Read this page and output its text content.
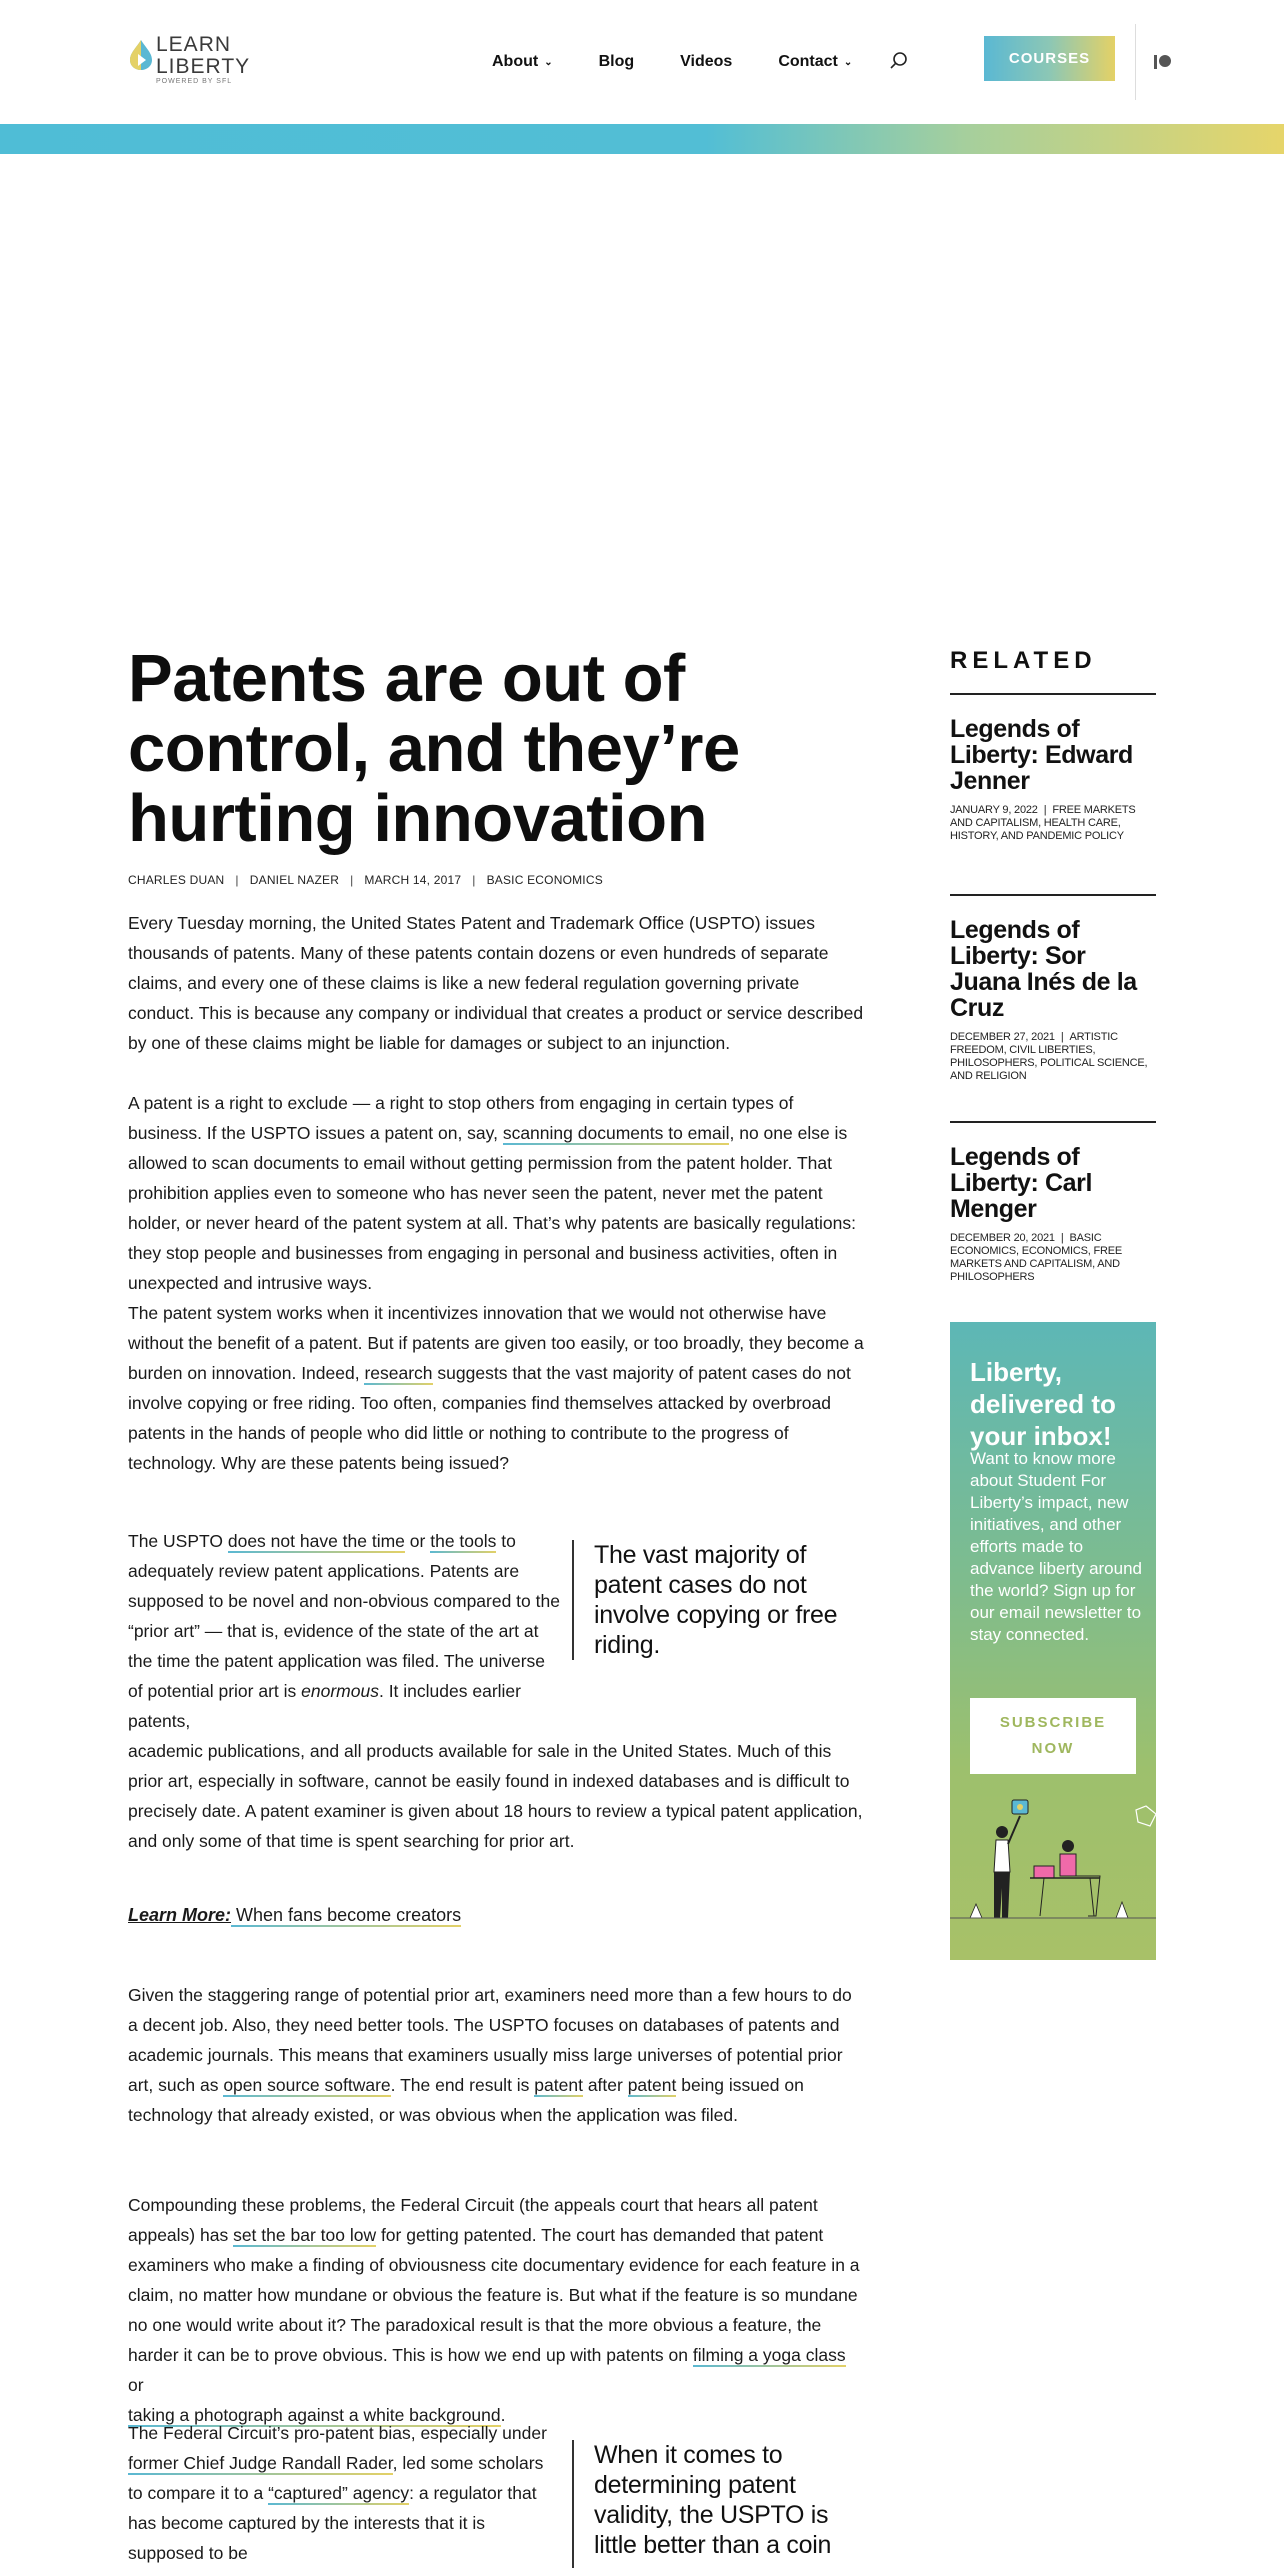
LEARN
LIBERTY
POWERED BY SFL
About ⌄	Blog	Videos	Contact ⌄	COURSES
Patents are out of control, and they’re hurting innovation
CHARLES DUAN | DANIEL NAZER | MARCH 14, 2017 | BASIC ECONOMICS

Every Tuesday morning, the United States Patent and Trademark Office (USPTO) issues thousands of patents. Many of these patents contain dozens or even hundreds of separate claims, and every one of these claims is like a new federal regulation governing private conduct. This is because any company or individual that creates a product or service described by one of these claims might be liable for damages or subject to an injunction.

A patent is a right to exclude — a right to stop others from engaging in certain types of business. If the USPTO issues a patent on, say, scanning documents to email, no one else is allowed to scan documents to email without getting permission from the patent holder. That prohibition applies even to someone who has never seen the patent, never met the patent holder, or never heard of the patent system at all. That’s why patents are basically regulations: they stop people and businesses from engaging in personal and business activities, often in unexpected and intrusive ways.

The patent system works when it incentivizes innovation that we would not otherwise have without the benefit of a patent. But if patents are given too easily, or too broadly, they become a burden on innovation. Indeed, research suggests that the vast majority of patent cases do not involve copying or free riding. Too often, companies find themselves attacked by overbroad patents in the hands of people who did little or nothing to contribute to the progress of technology. Why are these patents being issued?

The USPTO does not have the time or the tools to adequately review patent applications. Patents are supposed to be novel and non-obvious compared to the “prior art” — that is, evidence of the state of the art at the time the patent application was filed. The universe of potential prior art is enormous. It includes earlier patents,
academic publications, and all products available for sale in the United States. Much of this prior art, especially in software, cannot be easily found in indexed databases and is difficult to precisely date. A patent examiner is given about 18 hours to review a typical patent application, and only some of that time is spent searching for prior art.
The vast majority of patent cases do not involve copying or free riding.
Learn More: When fans become creators

Given the staggering range of potential prior art, examiners need more than a few hours to do a decent job. Also, they need better tools. The USPTO focuses on databases of patents and academic journals. This means that examiners usually miss large universes of potential prior art, such as open source software. The end result is patent after patent being issued on technology that already existed, or was obvious when the application was filed.

Compounding these problems, the Federal Circuit (the appeals court that hears all patent appeals) has set the bar too low for getting patented. The court has demanded that patent examiners who make a finding of obviousness cite documentary evidence for each feature in a claim, no matter how mundane or obvious the feature is. But what if the feature is so mundane no one would write about it? The paradoxical result is that the more obvious a feature, the harder it can be to prove obvious. This is how we end up with patents on filming a yoga class or
taking a photograph against a white background.

The Federal Circuit’s pro-patent bias, especially under former Chief Judge Randall Rader, led some scholars to compare it to a “captured” agency: a regulator that has become captured by the interests that it is supposed to be

When it comes to determining patent validity, the USPTO is little better than a coin
RELATED
Legends of Liberty: Edward Jenner
JANUARY 9, 2022 | FREE MARKETS AND CAPITALISM, HEALTH CARE, HISTORY, AND PANDEMIC POLICY
Legends of Liberty: Sor Juana Inés de la Cruz
DECEMBER 27, 2021 | ARTISTIC FREEDOM, CIVIL LIBERTIES, PHILOSOPHERS, POLITICAL SCIENCE, AND RELIGION
Legends of Liberty: Carl Menger
DECEMBER 20, 2021 | BASIC ECONOMICS, ECONOMICS, FREE MARKETS AND CAPITALISM, AND PHILOSOPHERS
Liberty, delivered to your inbox!
Want to know more about Student For Liberty’s impact, new initiatives, and other efforts made to advance liberty around the world? Sign up for our email newsletter to stay connected.
SUBSCRIBE NOW
